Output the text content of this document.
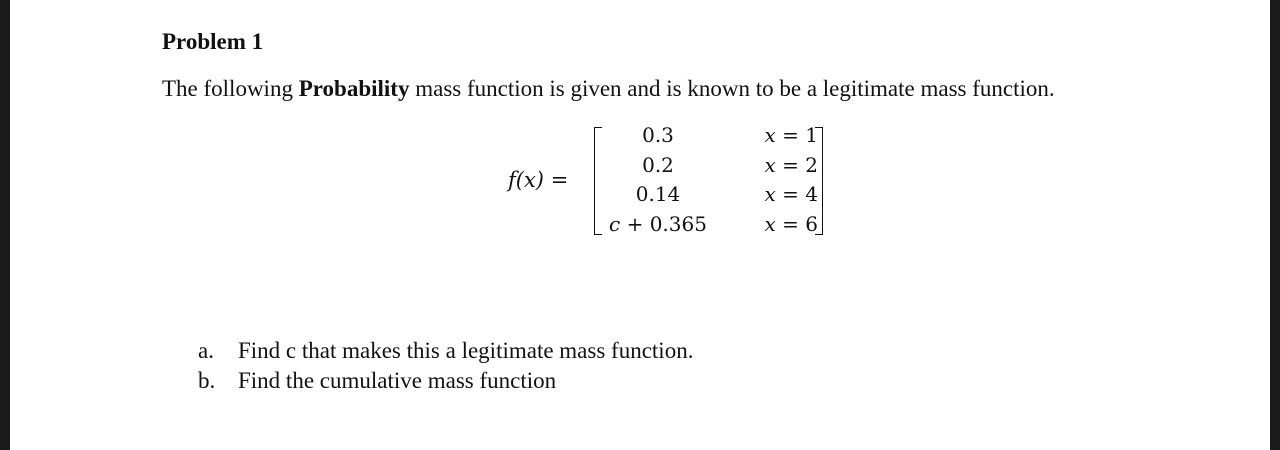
Problem 1
The following Probability mass function is given and is known to be a legitimate mass function.
f(x) =
0.3	x = 1
0.2	x = 2
0.14	x = 4
c + 0.365	x = 6
a. Find c that makes this a legitimate mass function.
b. Find the cumulative mass function
